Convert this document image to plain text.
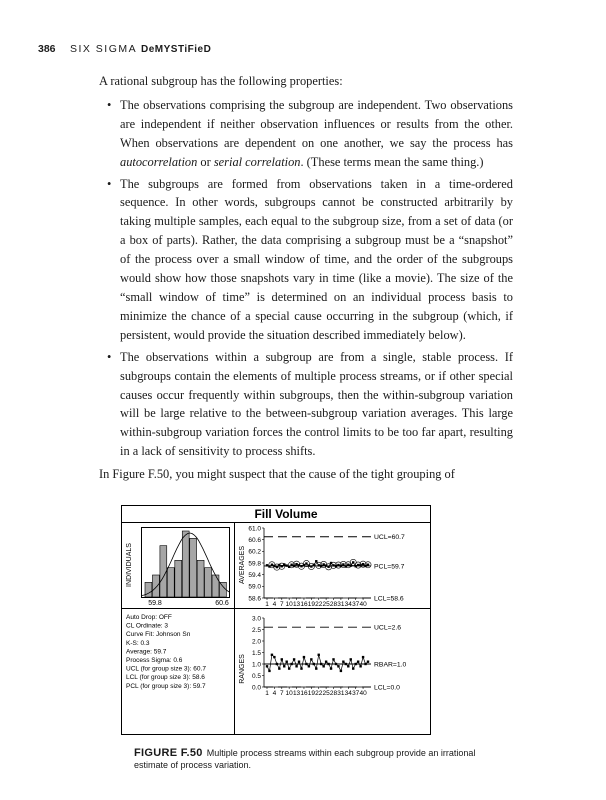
386 SIX SIGMA DeMYSTiFieD

A rational subgroup has the following properties:

• The observations comprising the subgroup are independent. Two observations are independent if neither observation influences or results from the other. When observations are dependent on one another, we say the process has autocorrelation or serial correlation. (These terms mean the same thing.)
• The subgroups are formed from observations taken in a time-ordered sequence. In other words, subgroups cannot be constructed arbitrarily by taking multiple samples, each equal to the subgroup size, from a set of data (or a box of parts). Rather, the data comprising a subgroup must be a “snapshot” of the process over a small window of time, and the order of the subgroups would show how those snapshots vary in time (like a movie). The size of the “small window of time” is determined on an individual process basis to minimize the chance of a special cause occurring in the subgroup (which, if persistent, would provide the situation described immediately below).
• The observations within a subgroup are from a single, stable process. If subgroups contain the elements of multiple process streams, or if other special causes occur frequently within subgroups, then the within-subgroup variation will be large relative to the between-subgroup variation averages. This large within-subgroup variation forces the control limits to be too far apart, resulting in a lack of sensitivity to process shifts.

In Figure F.50, you might suspect that the cause of the tight grouping of

Fill Volume
INDIVIDUALS
59.8	60.6
Auto Drop: OFF
CL Ordinate: 3
Curve Fit: Johnson Sn
K-S: 0.3
Average: 59.7
Process Sigma: 0.6
UCL (for group size 3): 60.7
LCL (for group size 3): 58.6
PCL (for group size 3): 59.7
AVERAGES
61.0
60.6
60.2
59.8
59.4
59.0
58.6
1 4 7 10 13 16 19 22 25 28 31 34 37 40
UCL=60.7
PCL=59.7
LCL=58.6
RANGES
3.0
2.5
2.0
1.5
1.0
0.5
0.0
1 4 7 10 13 16 19 22 25 28 31 34 37 40
UCL=2.6
RBAR=1.0
LCL=0.0
FIGURE F.50 Multiple process streams within each subgroup provide an irrational estimate of process variation.
